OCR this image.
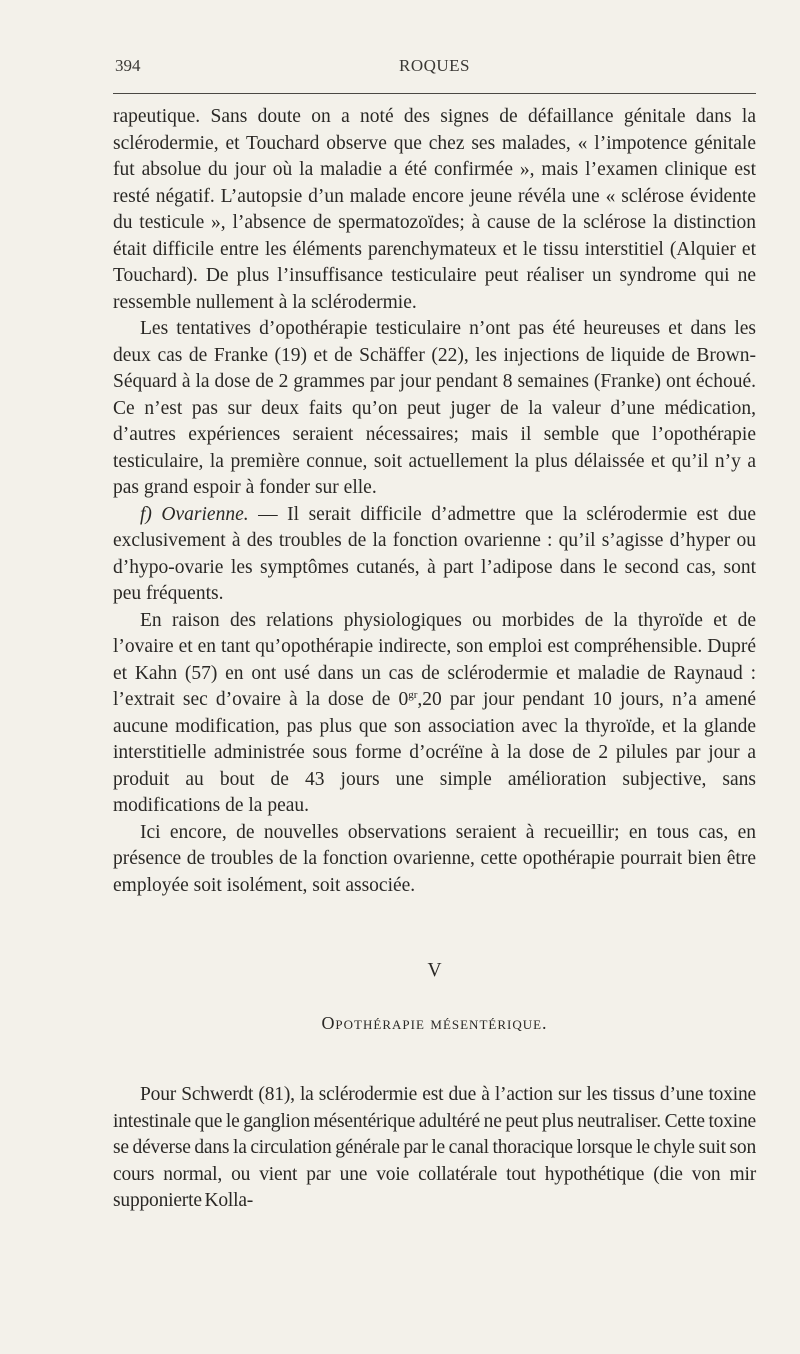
394	ROQUES

rapeutique. Sans doute on a noté des signes de défaillance génitale dans la sclérodermie, et Touchard observe que chez ses malades, « l’impotence génitale fut absolue du jour où la maladie a été confirmée », mais l’examen clinique est resté négatif. L’autopsie d’un malade encore jeune révéla une « sclérose évidente du testicule », l’absence de spermatozoïdes; à cause de la sclérose la distinction était difficile entre les éléments parenchymateux et le tissu interstitiel (Alquier et Touchard). De plus l’insuffisance testiculaire peut réaliser un syndrome qui ne ressemble nullement à la sclérodermie.

Les tentatives d’opothérapie testiculaire n’ont pas été heureuses et dans les deux cas de Franke (19) et de Schäffer (22), les injections de liquide de Brown-Séquard à la dose de 2 grammes par jour pendant 8 semaines (Franke) ont échoué. Ce n’est pas sur deux faits qu’on peut juger de la valeur d’une médication, d’autres expériences seraient nécessaires; mais il semble que l’opothérapie testiculaire, la première connue, soit actuellement la plus délaissée et qu’il n’y a pas grand espoir à fonder sur elle.

f) Ovarienne. — Il serait difficile d’admettre que la sclérodermie est due exclusivement à des troubles de la fonction ovarienne : qu’il s’agisse d’hyper ou d’hypo-ovarie les symptômes cutanés, à part l’adipose dans le second cas, sont peu fréquents.

En raison des relations physiologiques ou morbides de la thyroïde et de l’ovaire et en tant qu’opothérapie indirecte, son emploi est compréhensible. Dupré et Kahn (57) en ont usé dans un cas de sclérodermie et maladie de Raynaud : l’extrait sec d’ovaire à la dose de $0^{gr},20$ par jour pendant 10 jours, n’a amené aucune modification, pas plus que son association avec la thyroïde, et la glande interstitielle administrée sous forme d’ocréïne à la dose de 2 pilules par jour a produit au bout de 43 jours une simple amélioration subjective, sans modifications de la peau.

Ici encore, de nouvelles observations seraient à recueillir; en tous cas, en présence de troubles de la fonction ovarienne, cette opothérapie pourrait bien être employée soit isolément, soit associée.

V
Opothérapie mésentérique.

Pour Schwerdt (81), la sclérodermie est due à l’action sur les tissus d’une toxine intestinale que le ganglion mésentérique adultéré ne peut plus neutraliser. Cette toxine se déverse dans la circulation générale par le canal thoracique lorsque le chyle suit son cours normal, ou vient par une voie collatérale tout hypothétique (die von mir supponierte Kolla-
